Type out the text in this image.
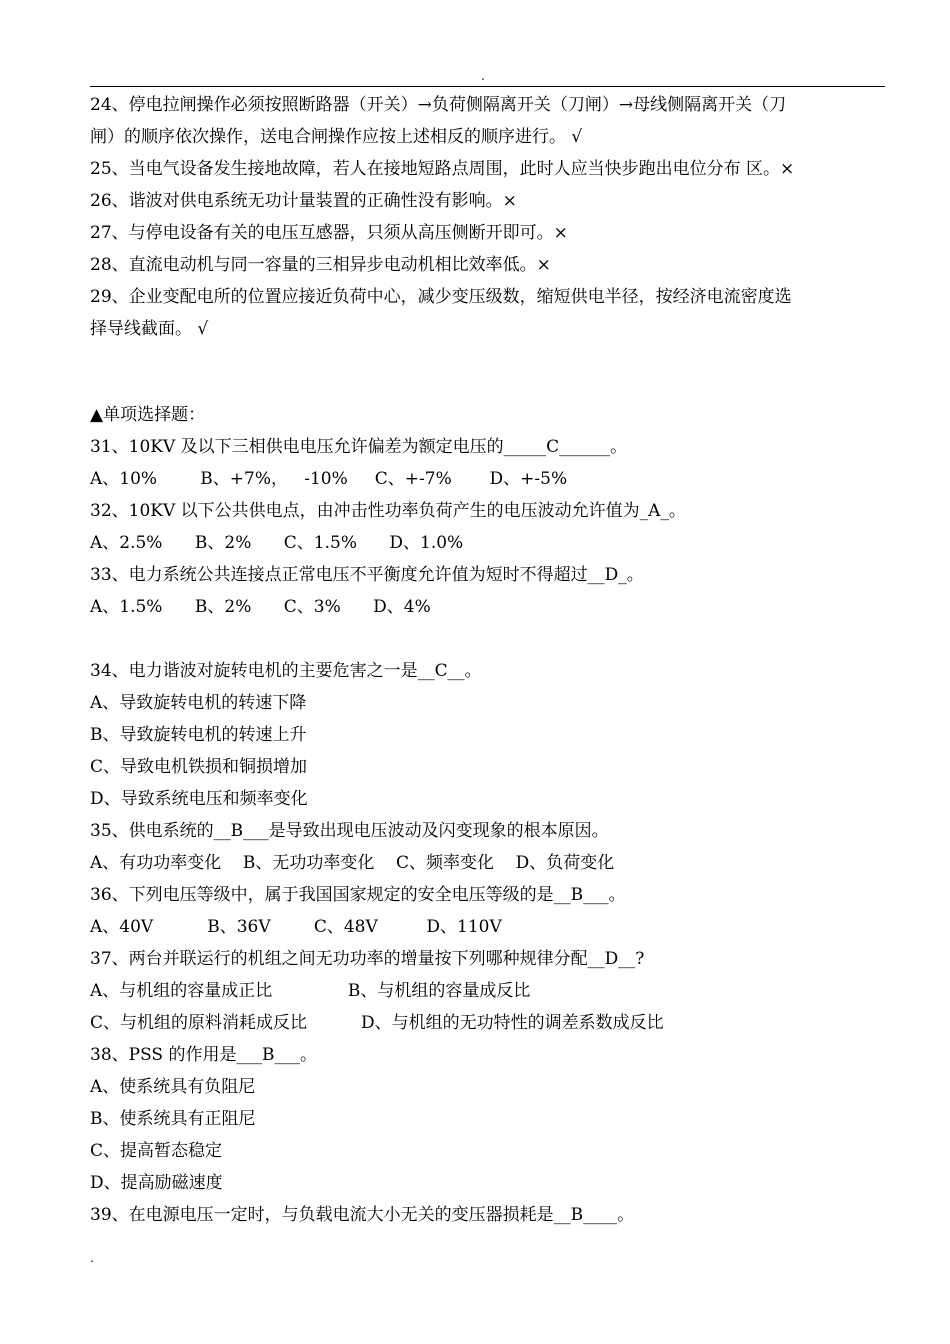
.
24、停电拉闸操作必须按照断路器（开关）→负荷侧隔离开关（刀闸）→母线侧隔离开关（刀
闸）的顺序依次操作，送电合闸操作应按上述相反的顺序进行。 √
25、当电气设备发生接地故障，若人在接地短路点周围，此时人应当快步跑出电位分布 区。×
26、谐波对供电系统无功计量装置的正确性没有影响。×
27、与停电设备有关的电压互感器，只须从高压侧断开即可。×
28、直流电动机与同一容量的三相异步电动机相比效率低。×
29、企业变配电所的位置应接近负荷中心，减少变压级数，缩短供电半径，按经济电流密度选
择导线截面。 √
▲单项选择题：
31、10KV 及以下三相供电电压允许偏差为额定电压的_____C______。
A、10%        B、+7%，   -10%     C、+-7%       D、+-5%
32、10KV 以下公共供电点，由冲击性功率负荷产生的电压波动允许值为_A_。
A、2.5%      B、2%      C、1.5%      D、1.0%
33、电力系统公共连接点正常电压不平衡度允许值为短时不得超过__D_。
A、1.5%      B、2%      C、3%      D、4%
34、电力谐波对旋转电机的主要危害之一是__C__。
A、导致旋转电机的转速下降
B、导致旋转电机的转速上升
C、导致电机铁损和铜损增加
D、导致系统电压和频率变化
35、供电系统的__B___是导致出现电压波动及闪变现象的根本原因。
A、有功功率变化    B、无功功率变化    C、频率变化    D、负荷变化
36、下列电压等级中，属于我国国家规定的安全电压等级的是__B___。
A、40V          B、36V        C、48V         D、110V
37、两台并联运行的机组之间无功功率的增量按下列哪种规律分配__D__?
A、与机组的容量成正比              B、与机组的容量成反比
C、与机组的原料消耗成反比          D、与机组的无功特性的调差系数成反比
38、PSS 的作用是___B___。
A、使系统具有负阻尼
B、使系统具有正阻尼
C、提高暂态稳定
D、提高励磁速度
39、在电源电压一定时，与负载电流大小无关的变压器损耗是__B____。
.
